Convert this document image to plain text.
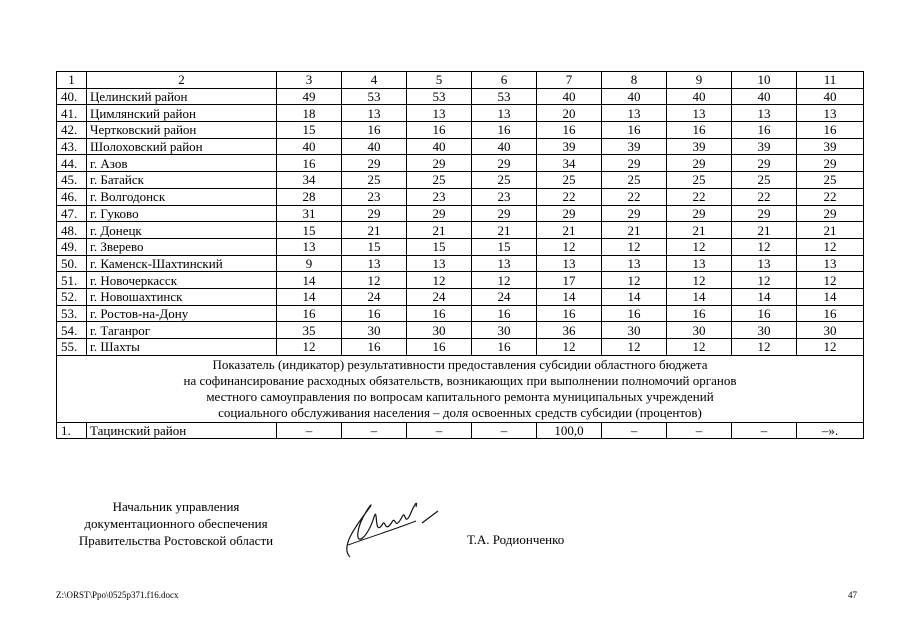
1	2	3	4	5	6	7	8	9	10	11
40.	Целинский район	49	53	53	53	40	40	40	40	40
41.	Цимлянский район	18	13	13	13	20	13	13	13	13
42.	Чертковский район	15	16	16	16	16	16	16	16	16
43.	Шолоховский район	40	40	40	40	39	39	39	39	39
44.	г. Азов	16	29	29	29	34	29	29	29	29
45.	г. Батайск	34	25	25	25	25	25	25	25	25
46.	г. Волгодонск	28	23	23	23	22	22	22	22	22
47.	г. Гуково	31	29	29	29	29	29	29	29	29
48.	г. Донецк	15	21	21	21	21	21	21	21	21
49.	г. Зверево	13	15	15	15	12	12	12	12	12
50.	г. Каменск-Шахтинский	9	13	13	13	13	13	13	13	13
51.	г. Новочеркасск	14	12	12	12	17	12	12	12	12
52.	г. Новошахтинск	14	24	24	24	14	14	14	14	14
53.	г. Ростов-на-Дону	16	16	16	16	16	16	16	16	16
54.	г. Таганрог	35	30	30	30	36	30	30	30	30
55.	г. Шахты	12	16	16	16	12	12	12	12	12

Показатель (индикатор) результативности предоставления субсидии областного бюджета
на софинансирование расходных обязательств, возникающих при выполнении полномочий органов
местного самоуправления по вопросам капитального ремонта муниципальных учреждений
социального обслуживания населения – доля освоенных средств субсидии (процентов)										

1.	Тацинский район	–	–	–	–	100,0	–	–	–	–».
Начальник управления
документационного обеспечения
Правительства Ростовской области	Т.А. Родионченко
Z:\ORST\Ppo\0525p371.f16.docx	47
